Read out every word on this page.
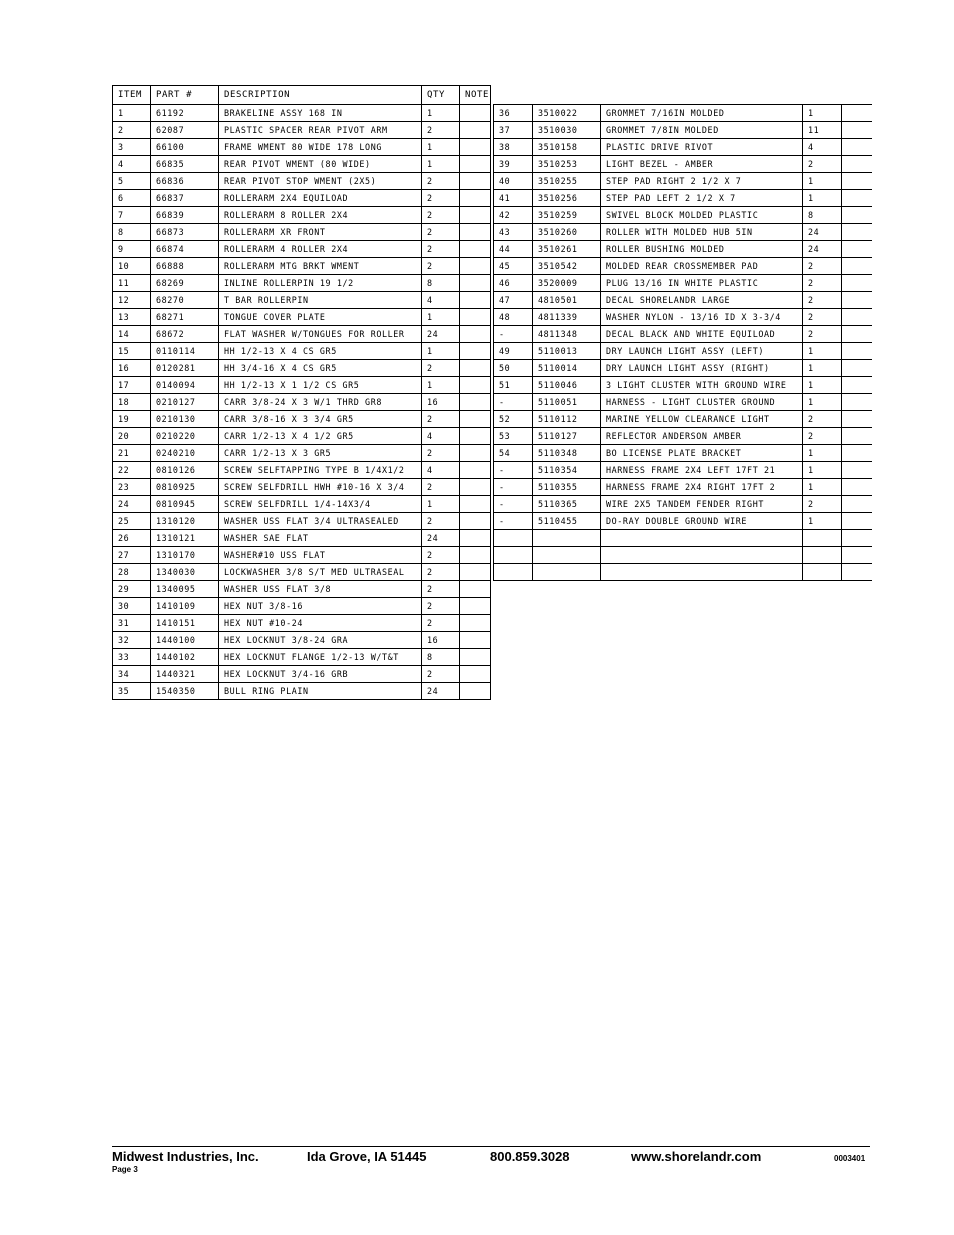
ITEM	PART #	DESCRIPTION	QTY	NOTE
1	61192	BRAKELINE ASSY 168 IN	1	
2	62087	PLASTIC SPACER REAR PIVOT ARM	2	
3	66100	FRAME WMENT 80 WIDE 178 LONG	1	
4	66835	REAR PIVOT WMENT (80 WIDE)	1	
5	66836	REAR PIVOT STOP WMENT (2X5)	2	
6	66837	ROLLERARM 2X4 EQUILOAD	2	
7	66839	ROLLERARM 8 ROLLER 2X4	2	
8	66873	ROLLERARM XR FRONT	2	
9	66874	ROLLERARM 4 ROLLER 2X4	2	
10	66888	ROLLERARM MTG BRKT WMENT	2	
11	68269	INLINE ROLLERPIN 19 1/2	8	
12	68270	T BAR ROLLERPIN	4	
13	68271	TONGUE COVER PLATE	1	
14	68672	FLAT WASHER W/TONGUES FOR ROLLER	24	
15	0110114	HH 1/2-13 X 4 CS GR5	1	
16	0120281	HH 3/4-16 X 4 CS GR5	2	
17	0140094	HH 1/2-13 X 1 1/2 CS GR5	1	
18	0210127	CARR 3/8-24 X 3 W/1 THRD GR8	16	
19	0210130	CARR 3/8-16 X 3 3/4 GR5	2	
20	0210220	CARR 1/2-13 X 4 1/2 GR5	4	
21	0240210	CARR 1/2-13 X 3 GR5	2	
22	0810126	SCREW SELFTAPPING TYPE B 1/4X1/2	4	
23	0810925	SCREW SELFDRILL HWH #10-16 X 3/4	2	
24	0810945	SCREW SELFDRILL 1/4-14X3/4	1	
25	1310120	WASHER USS FLAT 3/4 ULTRASEALED	2	
26	1310121	WASHER SAE FLAT	24	
27	1310170	WASHER#10 USS FLAT	2	
28	1340030	LOCKWASHER 3/8 S/T MED ULTRASEAL	2	
29	1340095	WASHER USS FLAT 3/8	2	
30	1410109	HEX NUT 3/8-16	2	
31	1410151	HEX NUT #10-24	2	
32	1440100	HEX LOCKNUT 3/8-24 GRA	16	
33	1440102	HEX LOCKNUT FLANGE 1/2-13 W/T&T	8	
34	1440321	HEX LOCKNUT 3/4-16 GRB	2	
35	1540350	BULL RING PLAIN	24	
36	3510022	GROMMET 7/16IN MOLDED	1	
37	3510030	GROMMET 7/8IN MOLDED	11	
38	3510158	PLASTIC DRIVE RIVOT	4	
39	3510253	LIGHT BEZEL - AMBER	2	
40	3510255	STEP PAD RIGHT 2 1/2 X 7	1	
41	3510256	STEP PAD LEFT 2 1/2 X 7	1	
42	3510259	SWIVEL BLOCK MOLDED PLASTIC	8	
43	3510260	ROLLER WITH MOLDED HUB 5IN	24	
44	3510261	ROLLER BUSHING MOLDED	24	
45	3510542	MOLDED REAR CROSSMEMBER PAD	2	
46	3520009	PLUG 13/16 IN WHITE PLASTIC	2	
47	4810501	DECAL SHORELANDR LARGE	2	
48	4811339	WASHER NYLON - 13/16 ID X 3-3/4	2	
-	4811348	DECAL BLACK AND WHITE EQUILOAD	2	
49	5110013	DRY LAUNCH LIGHT ASSY (LEFT)	1	
50	5110014	DRY LAUNCH LIGHT ASSY (RIGHT)	1	
51	5110046	3 LIGHT CLUSTER WITH GROUND WIRE	1	
-	5110051	HARNESS - LIGHT CLUSTER GROUND	1	
52	5110112	MARINE YELLOW CLEARANCE LIGHT	2	
53	5110127	REFLECTOR ANDERSON AMBER	2	
54	5110348	BO LICENSE PLATE BRACKET	1	
-	5110354	HARNESS FRAME 2X4 LEFT 17FT 21	1	
-	5110355	HARNESS FRAME 2X4 RIGHT 17FT 2	1	
-	5110365	WIRE 2X5 TANDEM FENDER RIGHT	2	
-	5110455	DO-RAY DOUBLE GROUND WIRE	1	

Midwest Industries, Inc.	Ida Grove, IA 51445	800.859.3028	www.shorelandr.com	0003401
Page 3
